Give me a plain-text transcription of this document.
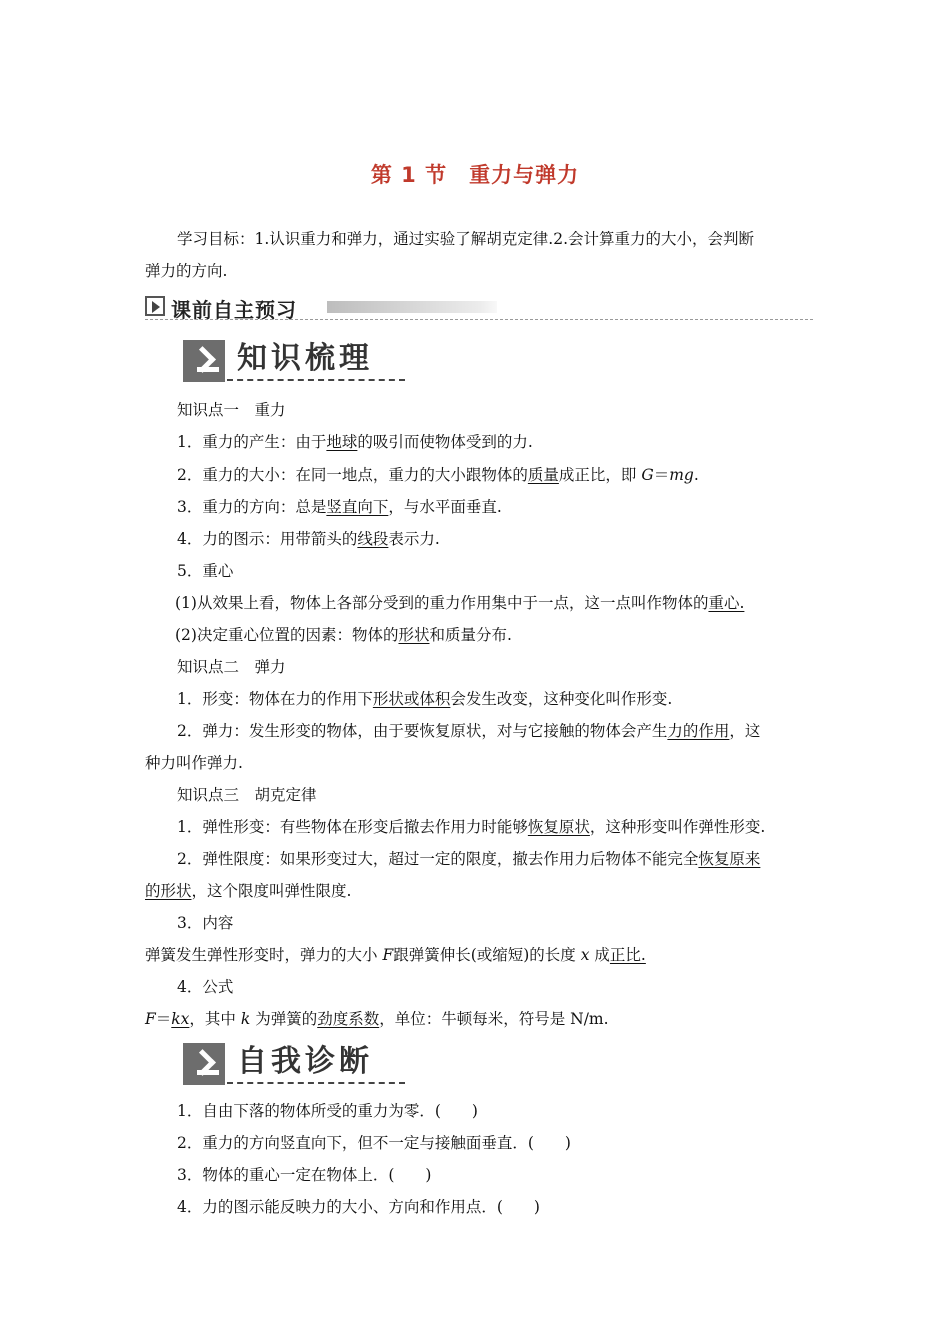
第 1 节 重力与弹力
学习目标：1.认识重力和弹力，通过实验了解胡克定律.2.会计算重力的大小，会判断
弹力的方向.
课前自主预习
知识梳理
知识点一　重力
1．重力的产生：由于地球的吸引而使物体受到的力.
2．重力的大小：在同一地点，重力的大小跟物体的质量成正比，即 G＝mg.
3．重力的方向：总是竖直向下，与水平面垂直.
4．力的图示：用带箭头的线段表示力.
5．重心
(1)从效果上看，物体上各部分受到的重力作用集中于一点，这一点叫作物体的重心.
(2)决定重心位置的因素：物体的形状和质量分布.
知识点二　弹力
1．形变：物体在力的作用下形状或体积会发生改变，这种变化叫作形变.
2．弹力：发生形变的物体，由于要恢复原状，对与它接触的物体会产生力的作用，这
种力叫作弹力.
知识点三　胡克定律
1．弹性形变：有些物体在形变后撤去作用力时能够恢复原状，这种形变叫作弹性形变.
2．弹性限度：如果形变过大，超过一定的限度，撤去作用力后物体不能完全恢复原来
的形状，这个限度叫弹性限度.
3．内容
弹簧发生弹性形变时，弹力的大小 F跟弹簧伸长(或缩短)的长度 x 成正比.
4．公式
F＝kx，其中 k 为弹簧的劲度系数，单位：牛顿每米，符号是 N/m.
自我诊断
1．自由下落的物体所受的重力为零．(　　)
2．重力的方向竖直向下，但不一定与接触面垂直．(　　)
3．物体的重心一定在物体上．(　　)
4．力的图示能反映力的大小、方向和作用点．(　　)
